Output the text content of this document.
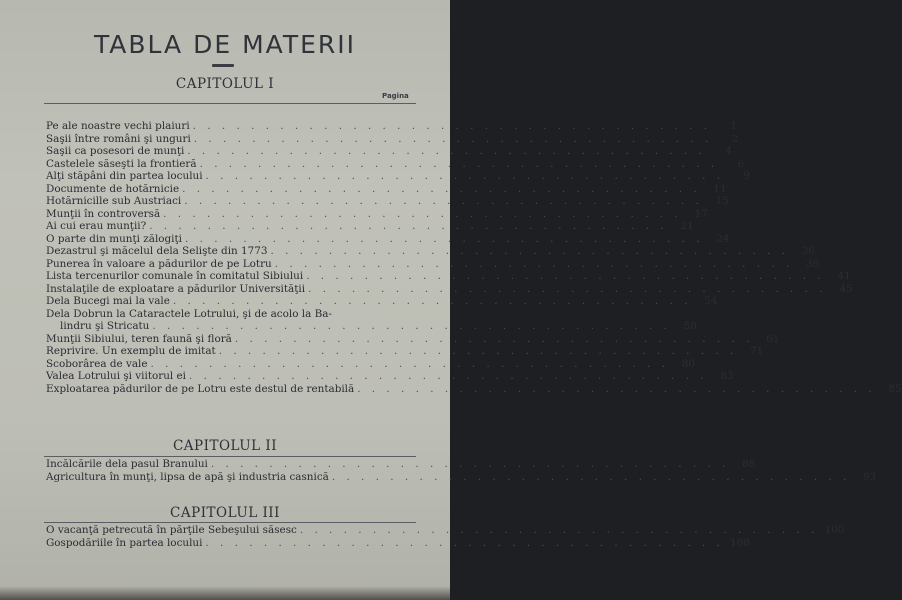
TABLA DE MATERII
CAPITOLUL I
Pagina
Pe ale noastre vechi plaiuri . . . . . . . . . . . . . . . . . . . . . . . . . . . . . . . . . . . .	1
Saşii între români şi unguri . . . . . . . . . . . . . . . . . . . . . . . . . . . . . . . . . . . .	2
Saşii ca posesori de munţi . . . . . . . . . . . . . . . . . . . . . . . . . . . . . . . . . . . .	4
Castelele săseşti la frontieră . . . . . . . . . . . . . . . . . . . . . . . . . . . . . . . . . . . .	6
Alţi stăpâni din partea locului . . . . . . . . . . . . . . . . . . . . . . . . . . . . . . . . . . . .	9
Documente de hotărnicie . . . . . . . . . . . . . . . . . . . . . . . . . . . . . . . . . . . .	11
Hotărnicille sub Austriaci . . . . . . . . . . . . . . . . . . . . . . . . . . . . . . . . . . . .	15
Munţii în controversă . . . . . . . . . . . . . . . . . . . . . . . . . . . . . . . . . . . .	17
Ai cui erau munţii? . . . . . . . . . . . . . . . . . . . . . . . . . . . . . . . . . . . .	21
O parte din munţi zălogiţi . . . . . . . . . . . . . . . . . . . . . . . . . . . . . . . . . . . .	24
Dezastrul şi măcelul dela Selişte din 1773 . . . . . . . . . . . . . . . . . . . . . . . . . . . . . . . . . . . .	36
Punerea în valoare a pădurilor de pe Lotru . . . . . . . . . . . . . . . . . . . . . . . . . . . . . . . . . . . .	39
Lista tercenurilor comunale în comitatul Sibiului . . . . . . . . . . . . . . . . . . . . . . . . . . . . . . . . . . . .	41
Instalaţile de exploatare a pădurilor Universităţii . . . . . . . . . . . . . . . . . . . . . . . . . . . . . . . . . . . .	45
Dela Bucegi mai la vale . . . . . . . . . . . . . . . . . . . . . . . . . . . . . . . . . . . .	54
Dela Dobrun la Cataractele Lotrului, şi de acolo la Ba-
lindru şi Stricatu . . . . . . . . . . . . . . . . . . . . . . . . . . . . . . . . . . . .	58
Munţii Sibiului, teren faună şi floră . . . . . . . . . . . . . . . . . . . . . . . . . . . . . . . . . . . .	61
Reprivire. Un exemplu de imitat . . . . . . . . . . . . . . . . . . . . . . . . . . . . . . . . . . . .	71
Scoborârea de vale . . . . . . . . . . . . . . . . . . . . . . . . . . . . . . . . . . . .	80
Valea Lotrului şi viitorul ei . . . . . . . . . . . . . . . . . . . . . . . . . . . . . . . . . . . .	83
Exploatarea pădurilor de pe Lotru este destul de rentabilă . . . . . . . . . . . . . . . . . . . . . . . . . . . . . . . . . . . .	85
CAPITOLUL II
Incălcările dela pasul Branului . . . . . . . . . . . . . . . . . . . . . . . . . . . . . . . . . . . .	88
Agricultura în munţi, lipsa de apă şi industria casnică . . . . . . . . . . . . . . . . . . . . . . . . . . . . . . . . . . . .	93
CAPITOLUL III
O vacanţă petrecută în părţile Sebeşului săsesc . . . . . . . . . . . . . . . . . . . . . . . . . . . . . . . . . . . . 100
Gospodăriile în partea locului . . . . . . . . . . . . . . . . . . . . . . . . . . . . . . . . . . . . 108
